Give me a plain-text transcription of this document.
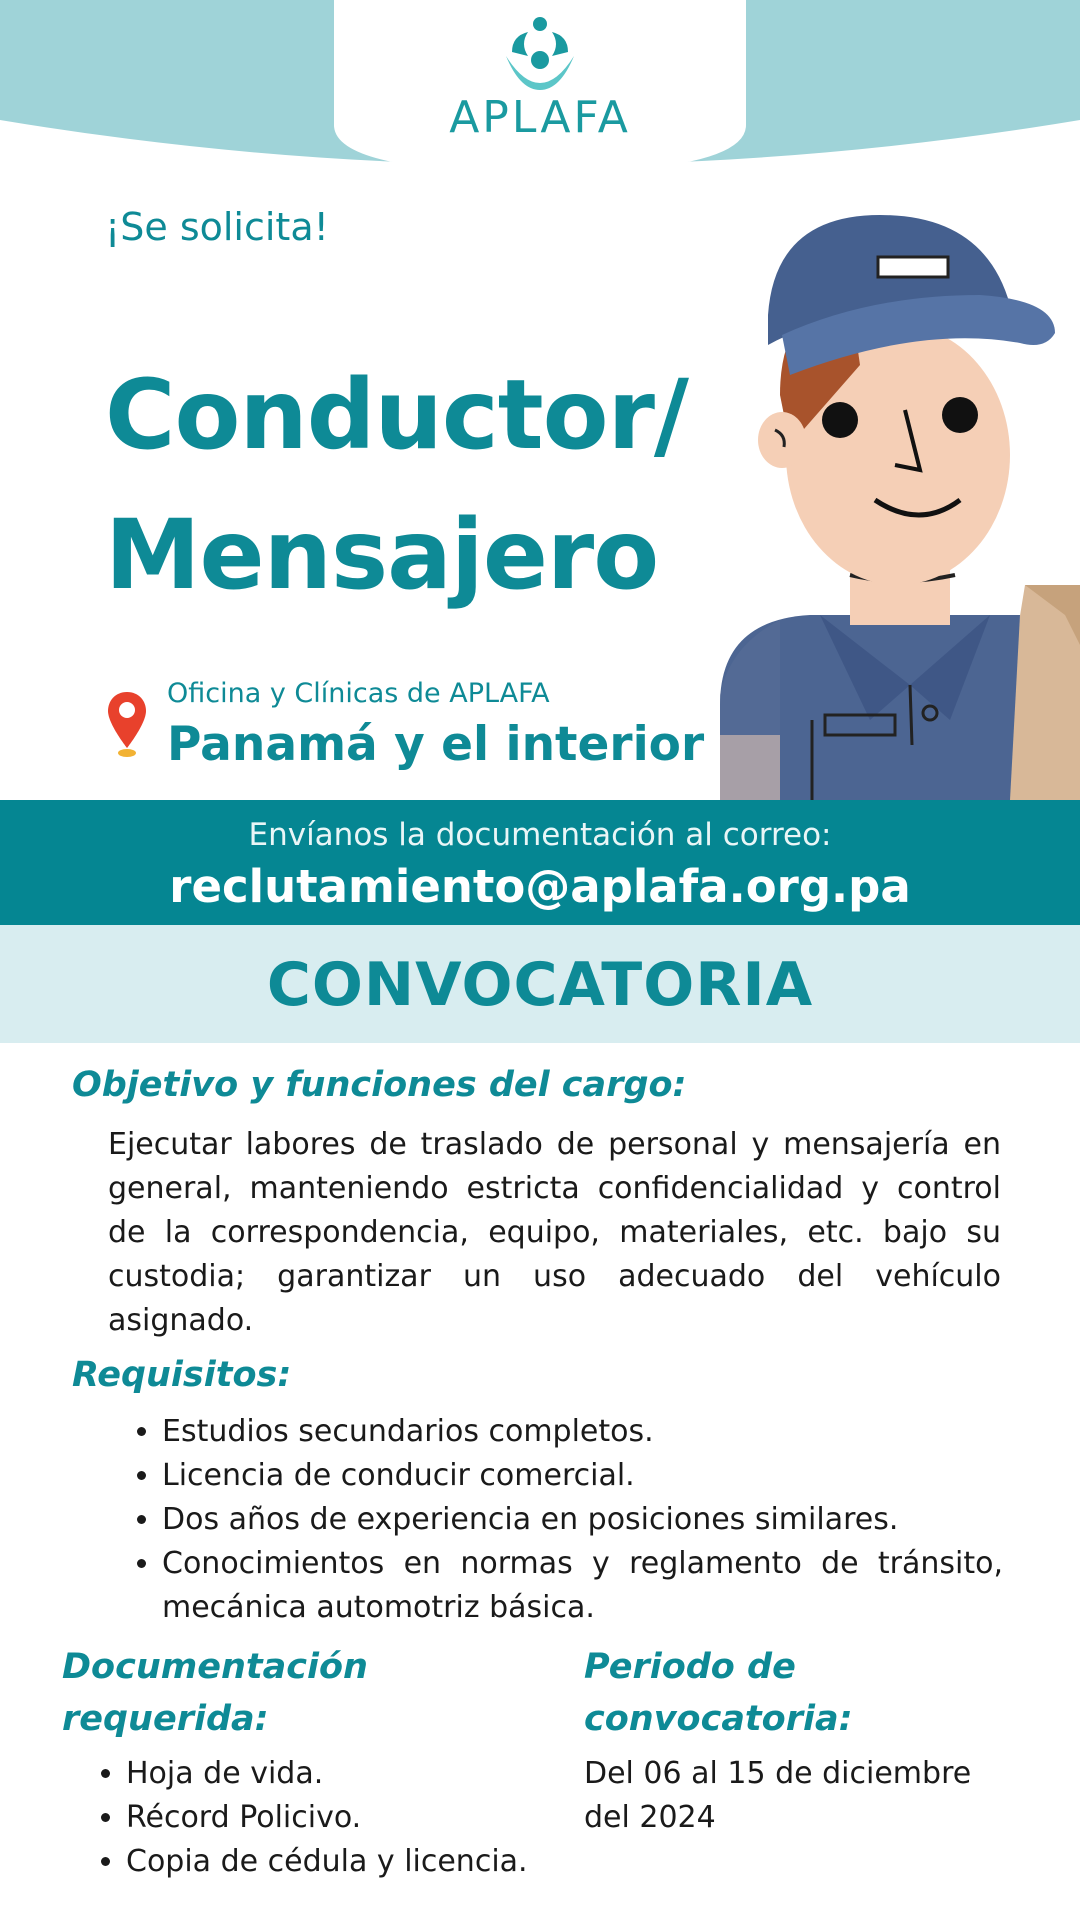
APLAFA
¡Se solicita!
Conductor/
Mensajero
Oficina y Clínicas de APLAFA
Panamá y el interior
Envíanos la documentación al correo:
reclutamiento@aplafa.org.pa
CONVOCATORIA
Objetivo y funciones del cargo:
Ejecutar labores de traslado de personal y mensajería en general, manteniendo estricta confidencialidad y control de la correspondencia, equipo, materiales, etc. bajo su custodia; garantizar un uso adecuado del vehículo asignado.
Requisitos:
• Estudios secundarios completos.
• Licencia de conducir comercial.
• Dos años de experiencia en posiciones similares.
• Conocimientos en normas y reglamento de tránsito, mecánica automotriz básica.
Documentación
requerida:
• Hoja de vida.
• Récord Policivo.
• Copia de cédula y licencia.
Periodo de
convocatoria:
Del 06 al 15 de diciembre del 2024
